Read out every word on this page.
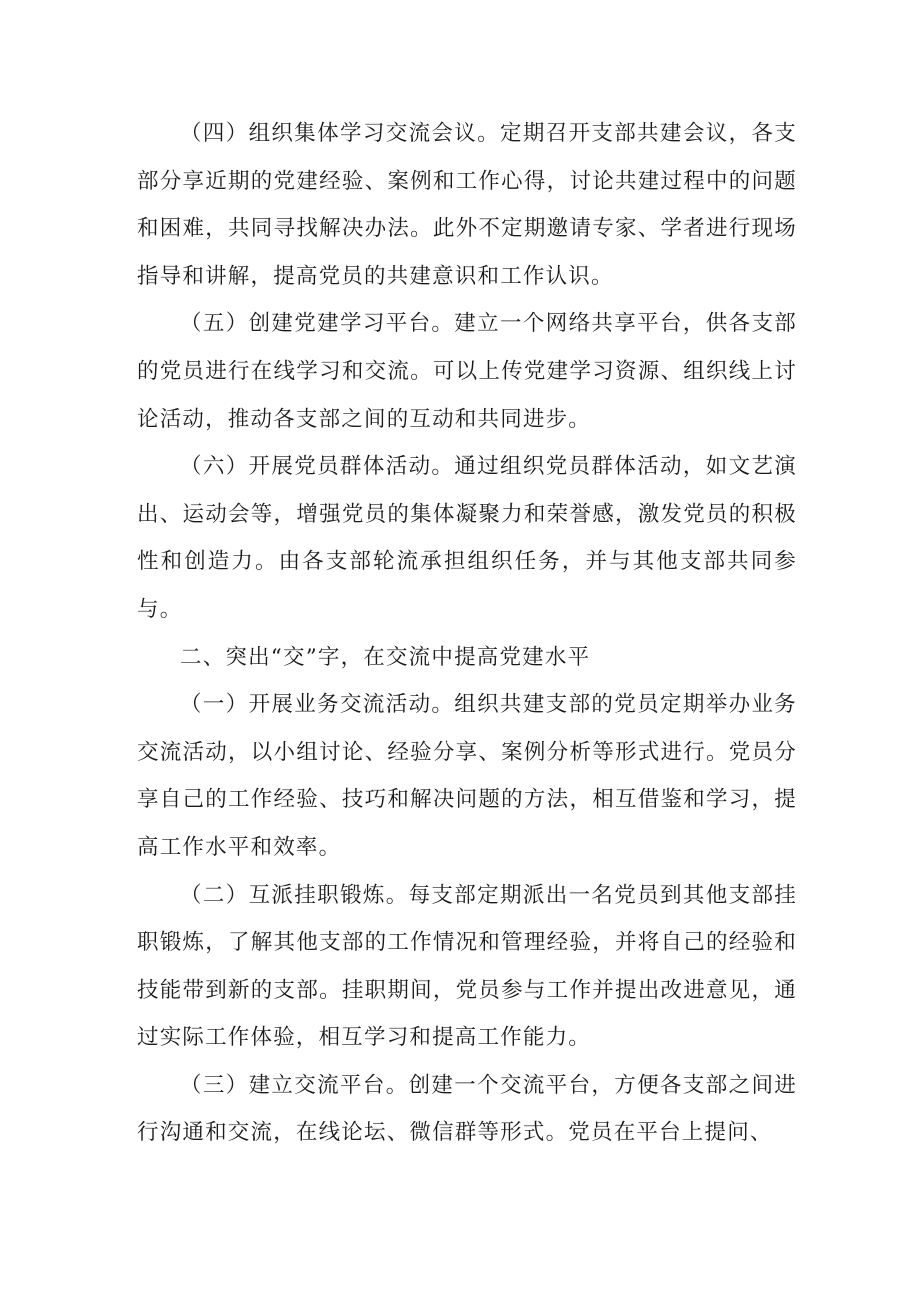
（四）组织集体学习交流会议。定期召开支部共建会议，各支部分享近期的党建经验、案例和工作心得，讨论共建过程中的问题和困难，共同寻找解决办法。此外不定期邀请专家、学者进行现场指导和讲解，提高党员的共建意识和工作认识。

（五）创建党建学习平台。建立一个网络共享平台，供各支部的党员进行在线学习和交流。可以上传党建学习资源、组织线上讨论活动，推动各支部之间的互动和共同进步。

（六）开展党员群体活动。通过组织党员群体活动，如文艺演出、运动会等，增强党员的集体凝聚力和荣誉感，激发党员的积极性和创造力。由各支部轮流承担组织任务，并与其他支部共同参与。

二、突出“交”字，在交流中提高党建水平

（一）开展业务交流活动。组织共建支部的党员定期举办业务交流活动，以小组讨论、经验分享、案例分析等形式进行。党员分享自己的工作经验、技巧和解决问题的方法，相互借鉴和学习，提高工作水平和效率。

（二）互派挂职锻炼。每支部定期派出一名党员到其他支部挂职锻炼，了解其他支部的工作情况和管理经验，并将自己的经验和技能带到新的支部。挂职期间，党员参与工作并提出改进意见，通过实际工作体验，相互学习和提高工作能力。

（三）建立交流平台。创建一个交流平台，方便各支部之间进行沟通和交流，在线论坛、微信群等形式。党员在平台上提问、
